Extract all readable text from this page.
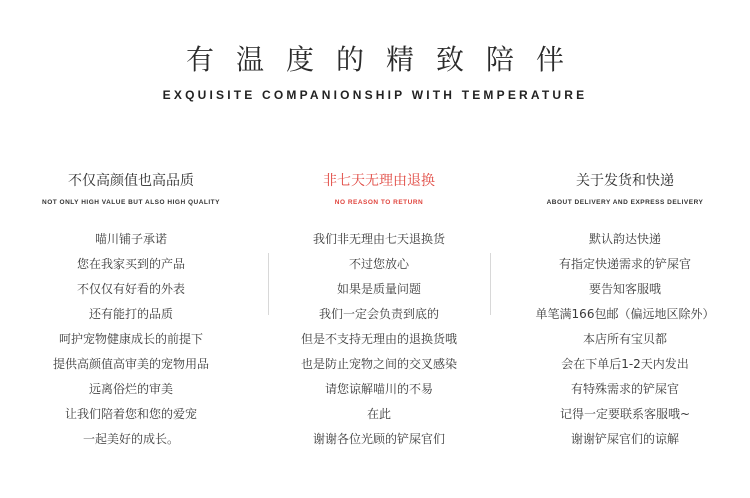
有温度的精致陪伴
EXQUISITE COMPANIONSHIP WITH TEMPERATURE
不仅高颜值也高品质
NOT ONLY HIGH VALUE BUT ALSO HIGH QUALITY
喵川铺子承诺
您在我家买到的产品
不仅仅有好看的外表
还有能打的品质
呵护宠物健康成长的前提下
提供高颜值高审美的宠物用品
远离俗烂的审美
让我们陪着您和您的爱宠
一起美好的成长。
非七天无理由退换
NO REASON TO RETURN
我们非无理由七天退换货
不过您放心
如果是质量问题
我们一定会负责到底的
但是不支持无理由的退换货哦
也是防止宠物之间的交叉感染
请您谅解喵川的不易
在此
谢谢各位光顾的铲屎官们
关于发货和快递
ABOUT DELIVERY AND EXPRESS DELIVERY
默认韵达快递
有指定快递需求的铲屎官
要告知客服哦
单笔满166包邮（偏远地区除外）
本店所有宝贝都
会在下单后1-2天内发出
有特殊需求的铲屎官
记得一定要联系客服哦~
谢谢铲屎官们的谅解
